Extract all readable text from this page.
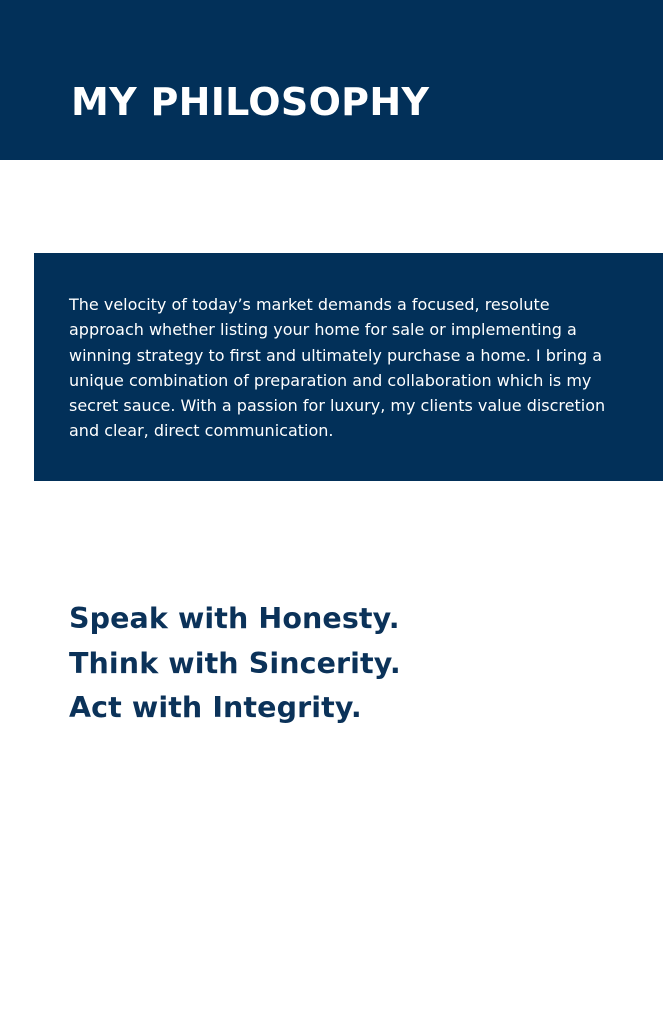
MY PHILOSOPHY

The velocity of today’s market demands a focused, resolute approach whether listing your home for sale or implementing a winning strategy to first and ultimately purchase a home. I bring a unique combination of preparation and collaboration which is my secret sauce. With a passion for luxury, my clients value discretion and clear, direct communication.

Speak with Honesty.
Think with Sincerity.
Act with Integrity.
